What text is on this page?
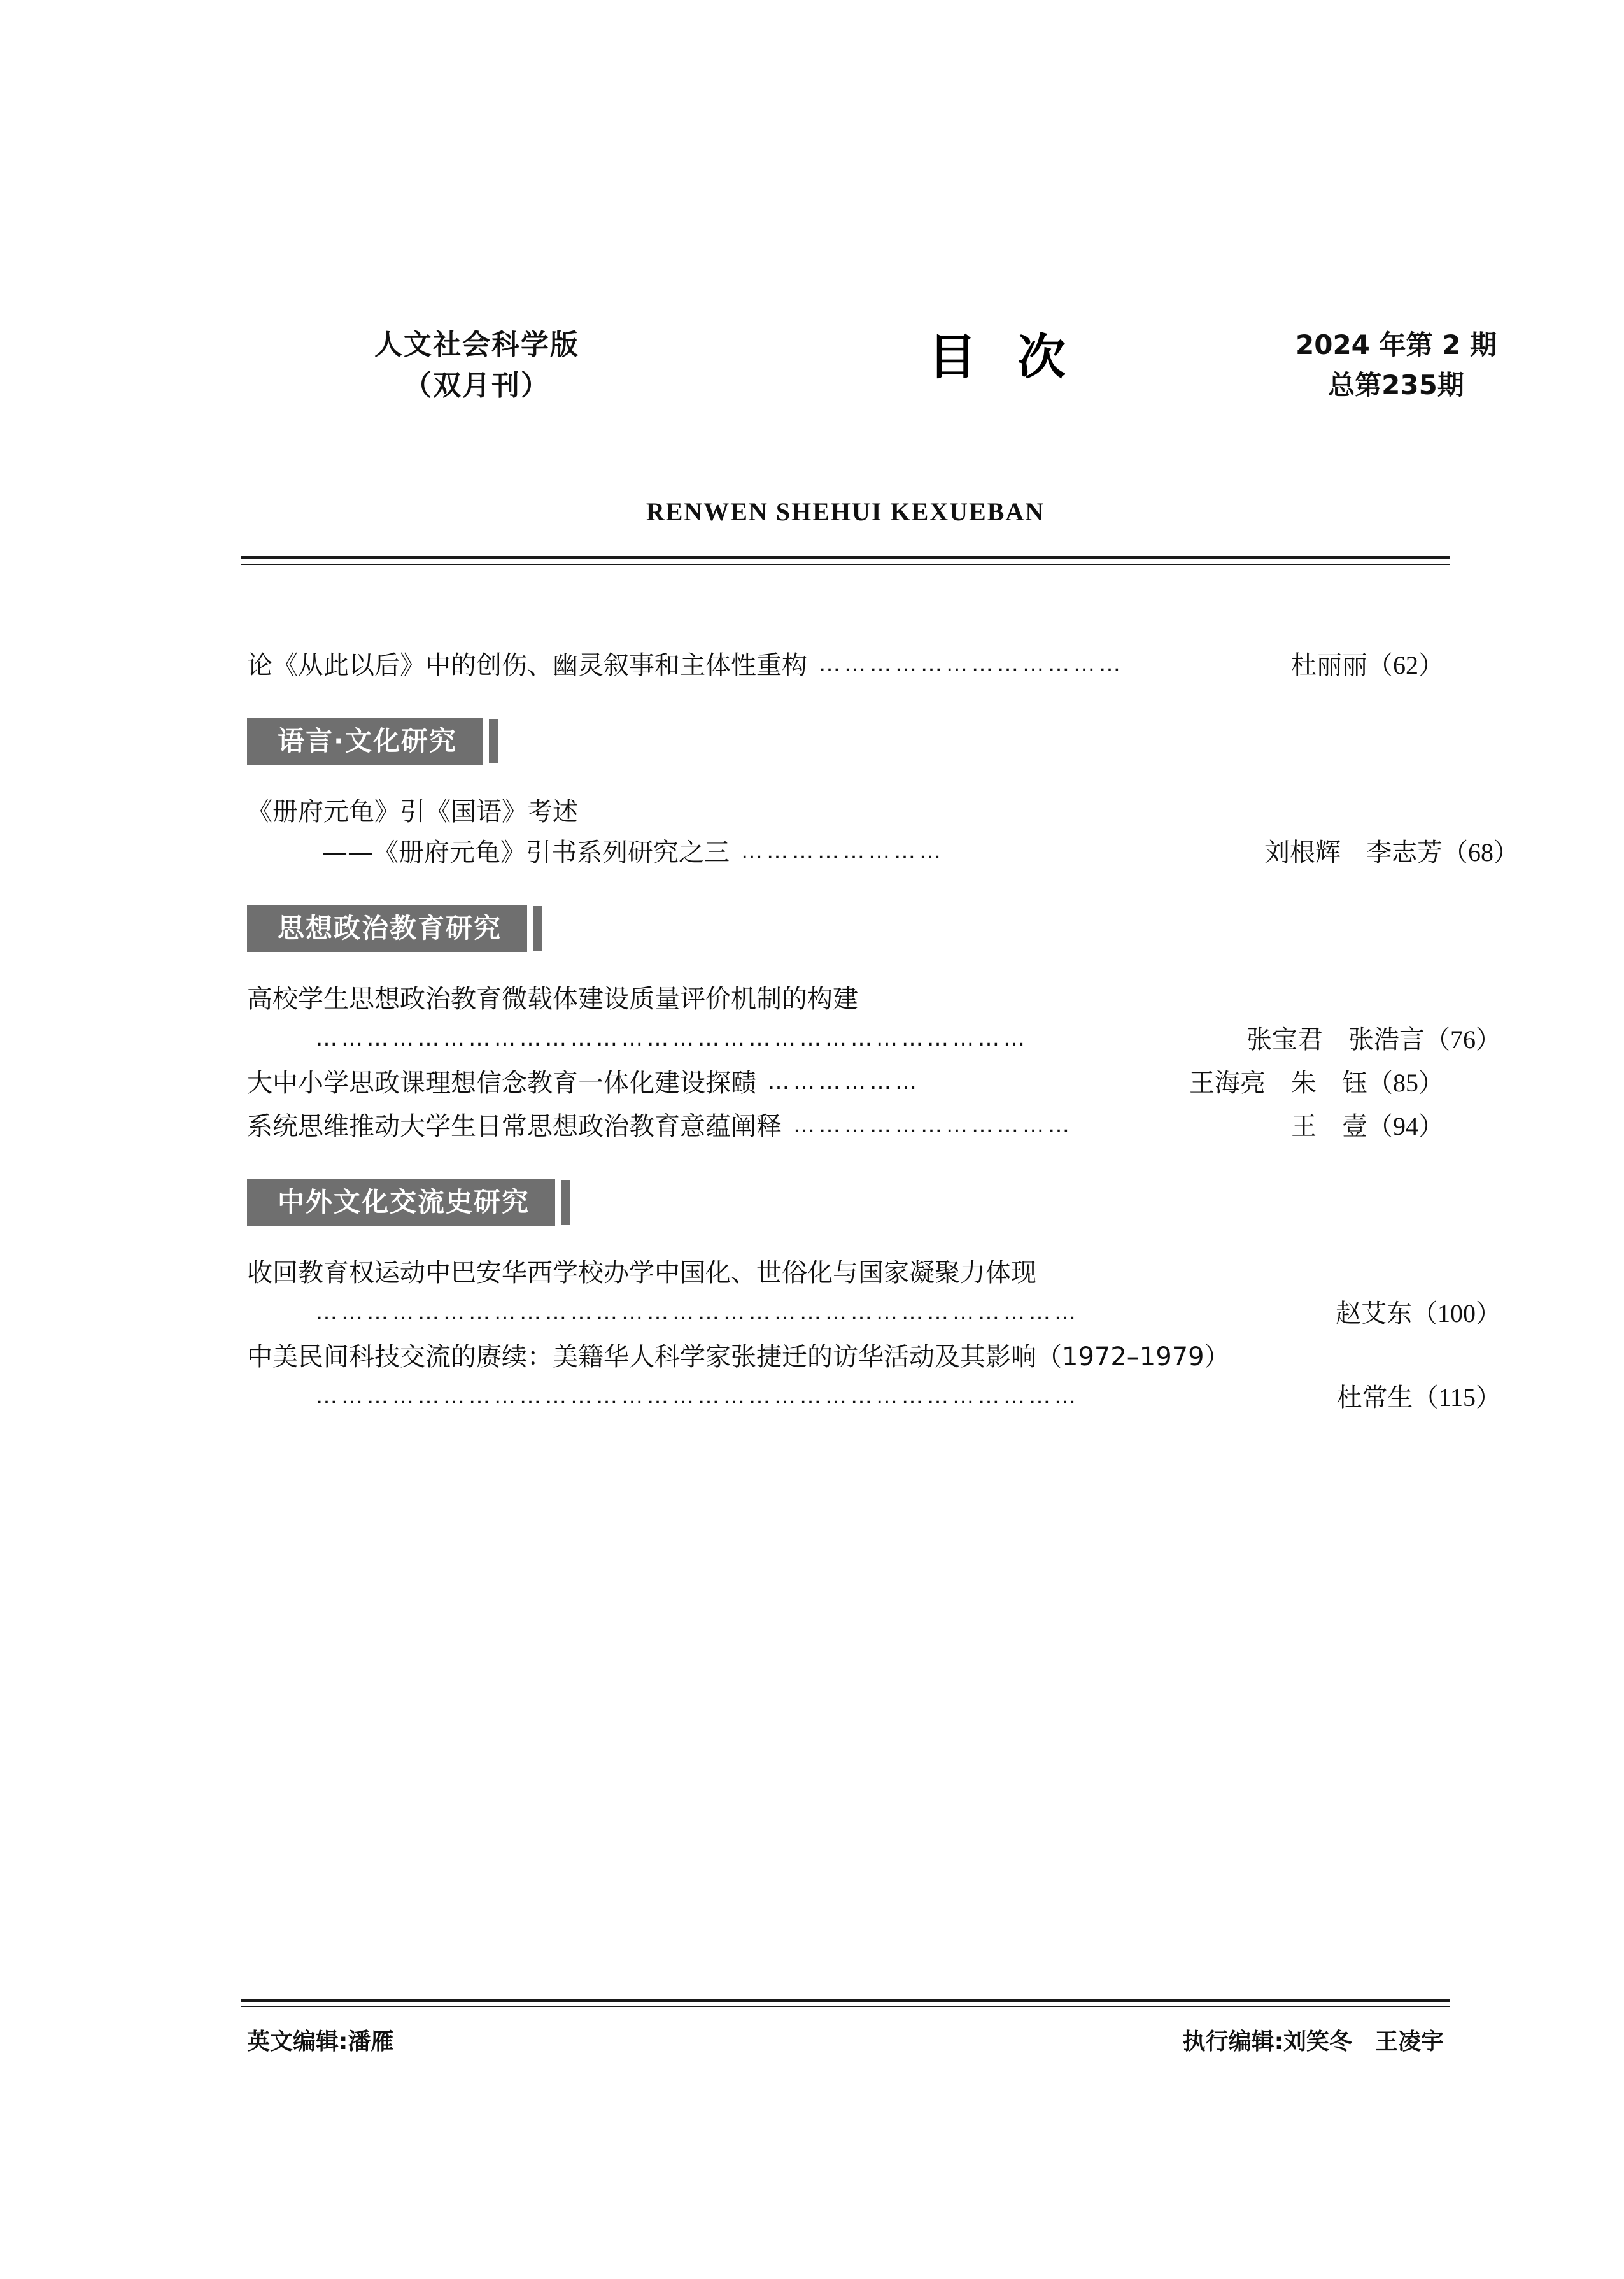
人文社会科学版
（双月刊）
目次	2024 年第 2 期
总第235期
RENWEN SHEHUI KEXUEBAN
论《从此以后》中的创伤、幽灵叙事和主体性重构 ………………………………	杜丽丽（62）
语言·文化研究
《册府元龟》引《国语》考述
——《册府元龟》引书系列研究之三 ……………………	刘根辉　李志芳（68）
思想政治教育研究
高校学生思想政治教育微载体建设质量评价机制的构建
…………………………………………………………………………	张宝君　张浩言（76）
大中小学思政课理想信念教育一体化建设探赜 ………………	王海亮　朱　钰（85）
系统思维推动大学生日常思想政治教育意蕴阐释 ……………………………	王　壹（94）
中外文化交流史研究
收回教育权运动中巴安华西学校办学中国化、世俗化与国家凝聚力体现
………………………………………………………………………………	赵艾东（100）
中美民间科技交流的赓续：美籍华人科学家张捷迁的访华活动及其影响（1972–1979）
………………………………………………………………………………	杜常生（115）
英文编辑:潘雁	执行编辑:刘笑冬　王凌宇
